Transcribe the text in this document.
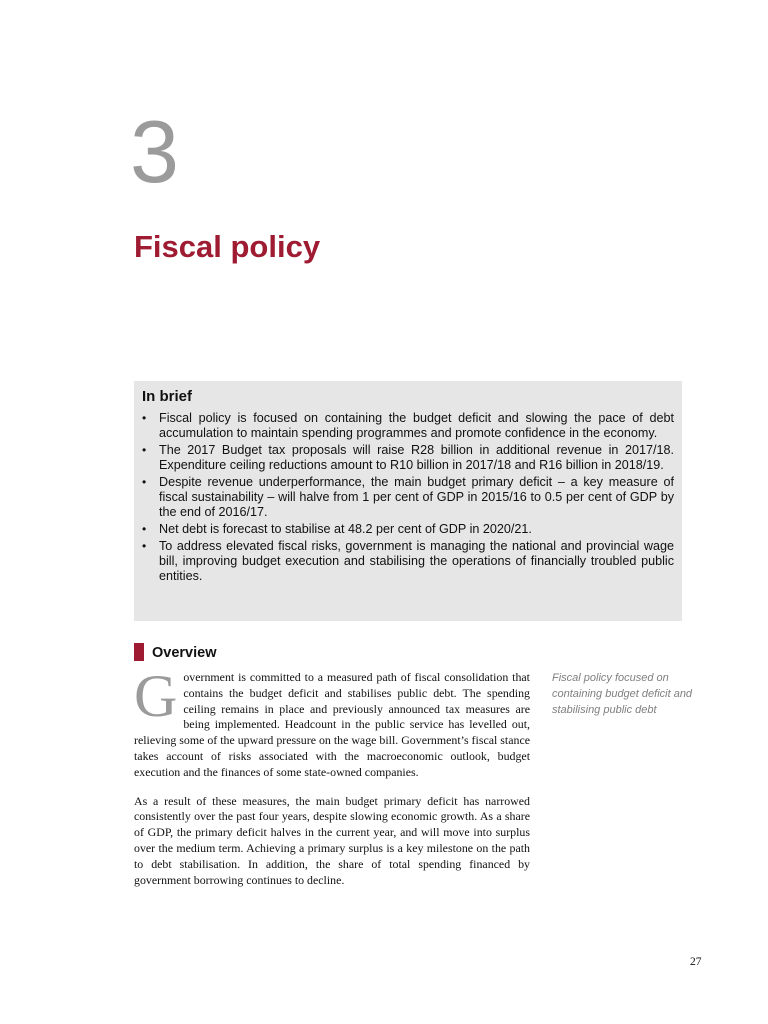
3
Fiscal policy
In brief
• Fiscal policy is focused on containing the budget deficit and slowing the pace of debt accumulation to maintain spending programmes and promote confidence in the economy.
• The 2017 Budget tax proposals will raise R28 billion in additional revenue in 2017/18. Expenditure ceiling reductions amount to R10 billion in 2017/18 and R16 billion in 2018/19.
• Despite revenue underperformance, the main budget primary deficit – a key measure of fiscal sustainability – will halve from 1 per cent of GDP in 2015/16 to 0.5 per cent of GDP by the end of 2016/17.
• Net debt is forecast to stabilise at 48.2 per cent of GDP in 2020/21.
• To address elevated fiscal risks, government is managing the national and provincial wage bill, improving budget execution and stabilising the operations of financially troubled public entities.
Overview

Government is committed to a measured path of fiscal consolidation that contains the budget deficit and stabilises public debt. The spending ceiling remains in place and previously announced tax measures are being implemented. Headcount in the public service has levelled out, relieving some of the upward pressure on the wage bill. Government’s fiscal stance takes account of risks associated with the macroeconomic outlook, budget execution and the finances of some state-owned companies.

As a result of these measures, the main budget primary deficit has narrowed consistently over the past four years, despite slowing economic growth. As a share of GDP, the primary deficit halves in the current year, and will move into surplus over the medium term. Achieving a primary surplus is a key milestone on the path to debt stabilisation. In addition, the share of total spending financed by government borrowing continues to decline.

Fiscal policy focused on containing budget deficit and stabilising public debt

27
